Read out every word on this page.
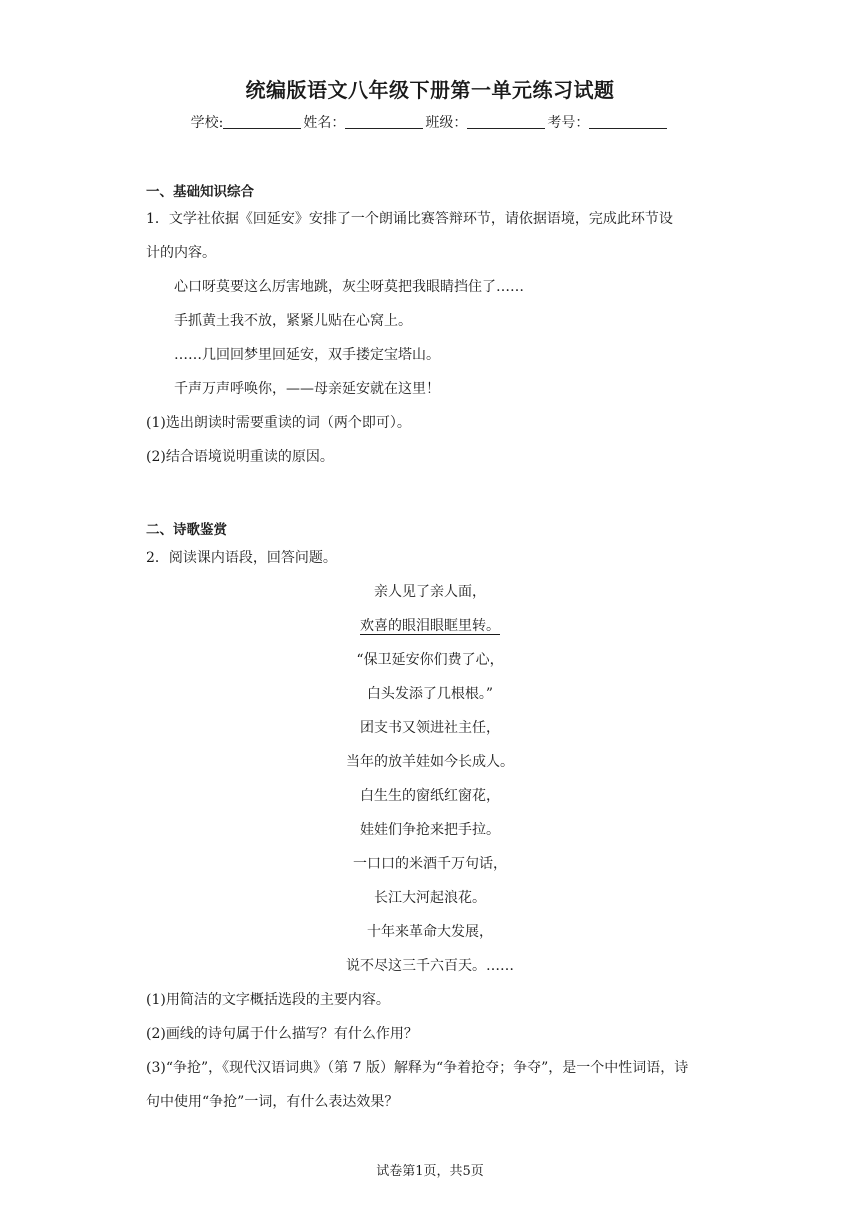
统编版语文八年级下册第一单元练习试题
学校:	姓名：	班级：	考号：
一、基础知识综合
1．文学社依据《回延安》安排了一个朗诵比赛答辩环节，请依据语境，完成此环节设
计的内容。
心口呀莫要这么厉害地跳，灰尘呀莫把我眼睛挡住了……
手抓黄土我不放，紧紧儿贴在心窝上。
……几回回梦里回延安，双手搂定宝塔山。
千声万声呼唤你，——母亲延安就在这里！
(1)选出朗读时需要重读的词（两个即可）。
(2)结合语境说明重读的原因。
二、诗歌鉴赏
2．阅读课内语段，回答问题。
亲人见了亲人面，
欢喜的眼泪眼眶里转。
“保卫延安你们费了心，
白头发添了几根根。”
团支书又领进社主任，
当年的放羊娃如今长成人。
白生生的窗纸红窗花，
娃娃们争抢来把手拉。
一口口的米酒千万句话，
长江大河起浪花。
十年来革命大发展，
说不尽这三千六百天。……
(1)用简洁的文字概括选段的主要内容。
(2)画线的诗句属于什么描写？有什么作用？
(3)“争抢”，《现代汉语词典》（第 7 版）解释为“争着抢夺；争夺”，是一个中性词语，诗
句中使用“争抢”一词，有什么表达效果？
试卷第1页，共5页
